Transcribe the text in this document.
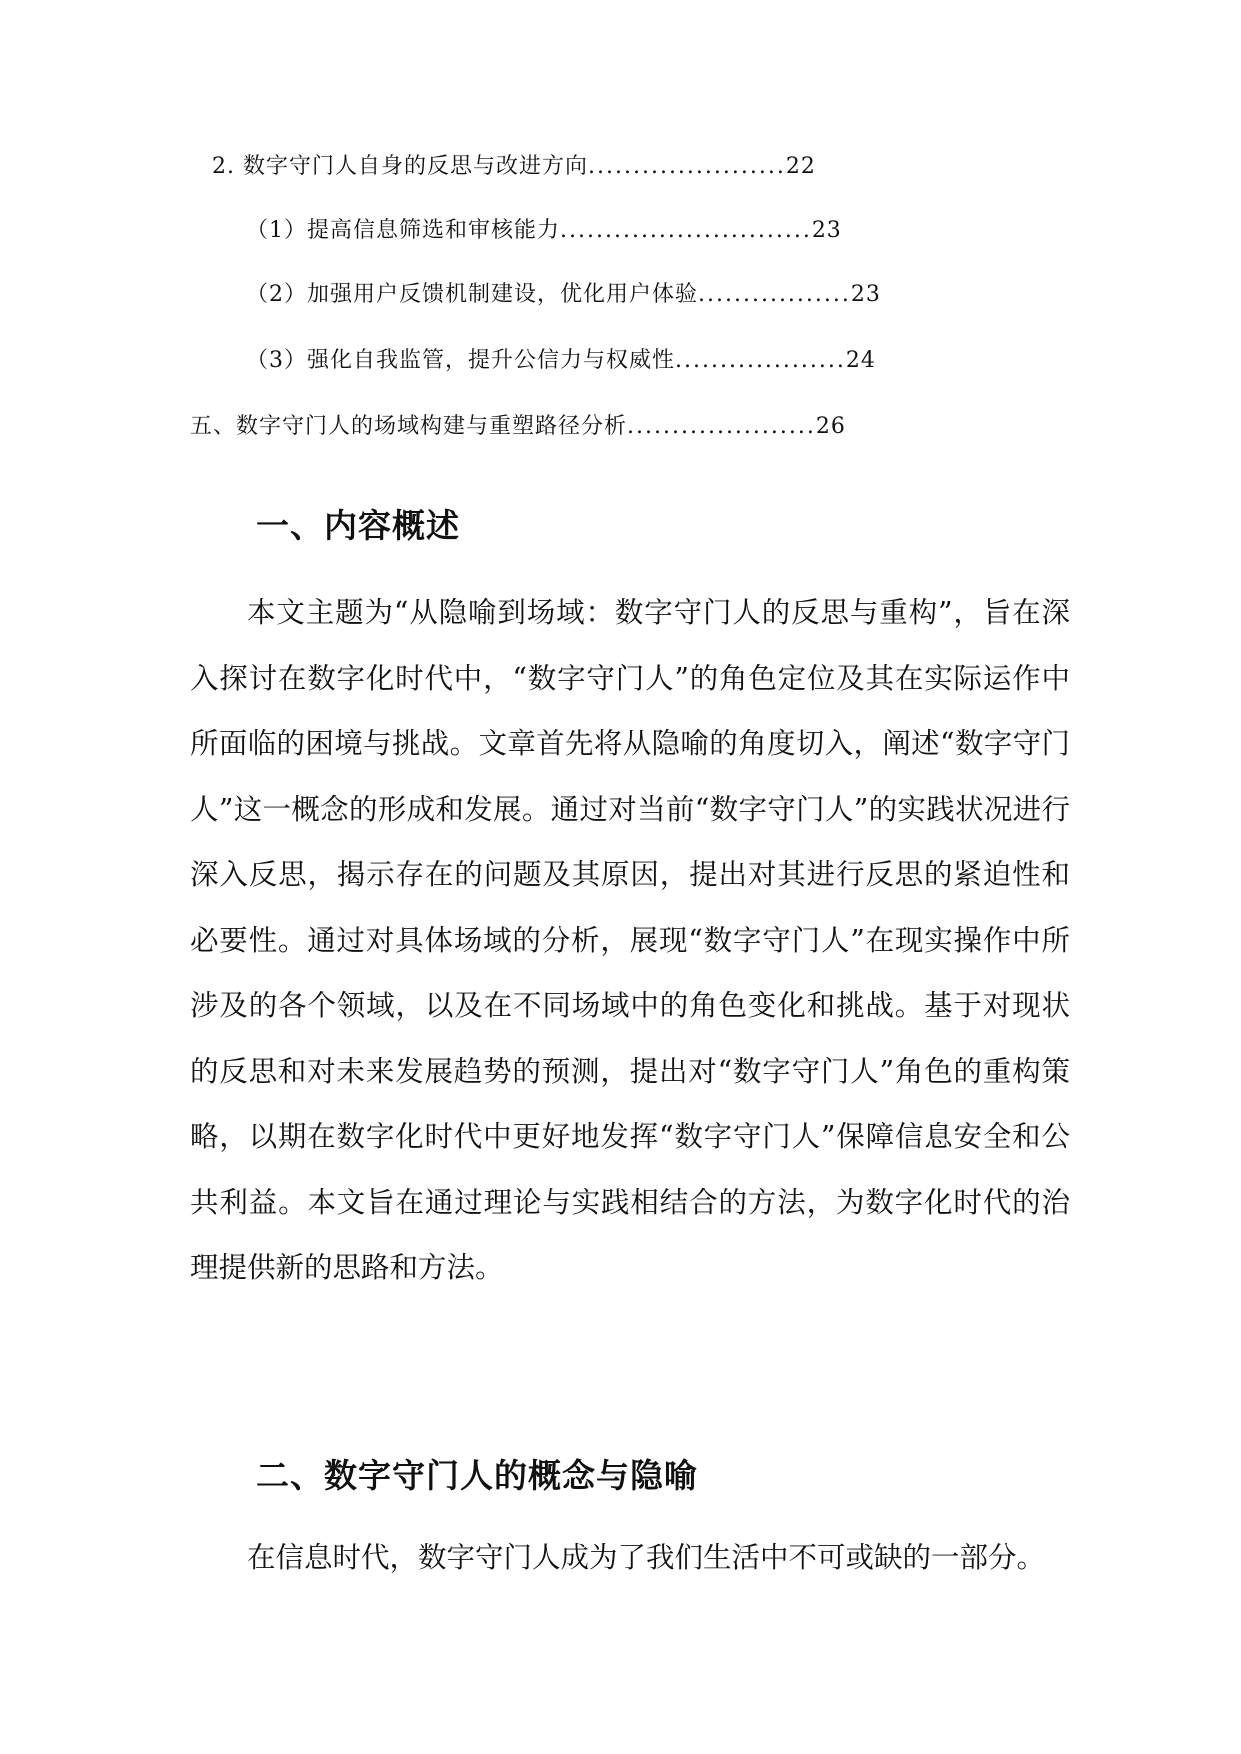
2. 数字守门人自身的反思与改进方向......................22
（1）提高信息筛选和审核能力............................23
（2）加强用户反馈机制建设，优化用户体验.................23
（3）强化自我监管，提升公信力与权威性...................24
五、数字守门人的场域构建与重塑路径分析.....................26
一、内容概述

本文主题为“从隐喻到场域：数字守门人的反思与重构”，旨在深入探讨在数字化时代中，“数字守门人”的角色定位及其在实际运作中所面临的困境与挑战。文章首先将从隐喻的角度切入，阐述“数字守门人”这一概念的形成和发展。通过对当前“数字守门人”的实践状况进行深入反思，揭示存在的问题及其原因，提出对其进行反思的紧迫性和必要性。通过对具体场域的分析，展现“数字守门人”在现实操作中所涉及的各个领域，以及在不同场域中的角色变化和挑战。基于对现状的反思和对未来发展趋势的预测，提出对“数字守门人”角色的重构策略，以期在数字化时代中更好地发挥“数字守门人”保障信息安全和公共利益。本文旨在通过理论与实践相结合的方法，为数字化时代的治理提供新的思路和方法。

二、数字守门人的概念与隐喻

在信息时代，数字守门人成为了我们生活中不可或缺的一部分。
